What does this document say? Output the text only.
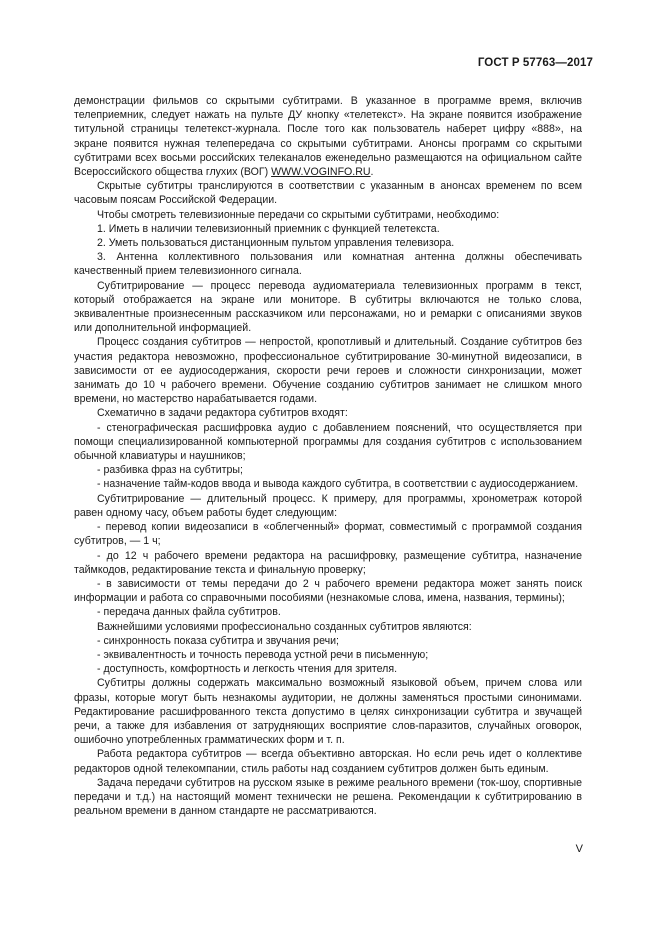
ГОСТ Р 57763—2017

демонстрации фильмов со скрытыми субтитрами. В указанное в программе время, включив телеприемник, следует нажать на пульте ДУ кнопку «телетекст». На экране появится изображение титульной страницы телетекст-журнала. После того как пользователь наберет цифру «888», на экране появится нужная телепередача со скрытыми субтитрами. Анонсы программ со скрытыми субтитрами всех восьми российских телеканалов еженедельно размещаются на официальном сайте Всероссийского общества глухих (ВОГ) WWW.VOGINFO.RU.

Скрытые субтитры транслируются в соответствии с указанным в анонсах временем по всем часовым поясам Российской Федерации.

Чтобы смотреть телевизионные передачи со скрытыми субтитрами, необходимо:

1. Иметь в наличии телевизионный приемник с функцией телетекста.

2. Уметь пользоваться дистанционным пультом управления телевизора.

3. Антенна коллективного пользования или комнатная антенна должны обеспечивать качественный прием телевизионного сигнала.

Субтитрирование — процесс перевода аудиоматериала телевизионных программ в текст, который отображается на экране или мониторе. В субтитры включаются не только слова, эквивалентные произнесенным рассказчиком или персонажами, но и ремарки с описаниями звуков или дополнительной информацией.

Процесс создания субтитров — непростой, кропотливый и длительный. Создание субтитров без участия редактора невозможно, профессиональное субтитрирование 30-минутной видеозаписи, в зависимости от ее аудиосодержания, скорости речи героев и сложности синхронизации, может занимать до 10 ч рабочего времени. Обучение созданию субтитров занимает не слишком много времени, но мастерство нарабатывается годами.

Схематично в задачи редактора субтитров входят:

- стенографическая расшифровка аудио с добавлением пояснений, что осуществляется при помощи специализированной компьютерной программы для создания субтитров с использованием обычной клавиатуры и наушников;

- разбивка фраз на субтитры;

- назначение тайм-кодов ввода и вывода каждого субтитра, в соответствии с аудиосодержанием.

Субтитрирование — длительный процесс. К примеру, для программы, хронометраж которой равен одному часу, объем работы будет следующим:

- перевод копии видеозаписи в «облегченный» формат, совместимый с программой создания субтитров, — 1 ч;

- до 12 ч рабочего времени редактора на расшифровку, размещение субтитра, назначение таймкодов, редактирование текста и финальную проверку;

- в зависимости от темы передачи до 2 ч рабочего времени редактора может занять поиск информации и работа со справочными пособиями (незнакомые слова, имена, названия, термины);

- передача данных файла субтитров.

Важнейшими условиями профессионально созданных субтитров являются:

- синхронность показа субтитра и звучания речи;

- эквивалентность и точность перевода устной речи в письменную;

- доступность, комфортность и легкость чтения для зрителя.

Субтитры должны содержать максимально возможный языковой объем, причем слова или фразы, которые могут быть незнакомы аудитории, не должны заменяться простыми синонимами. Редактирование расшифрованного текста допустимо в целях синхронизации субтитра и звучащей речи, а также для избавления от затрудняющих восприятие слов-паразитов, случайных оговорок, ошибочно употребленных грамматических форм и т. п.

Работа редактора субтитров — всегда объективно авторская. Но если речь идет о коллективе редакторов одной телекомпании, стиль работы над созданием субтитров должен быть единым.

Задача передачи субтитров на русском языке в режиме реального времени (ток-шоу, спортивные передачи и т.д.) на настоящий момент технически не решена. Рекомендации к субтитрированию в реальном времени в данном стандарте не рассматриваются.

V
